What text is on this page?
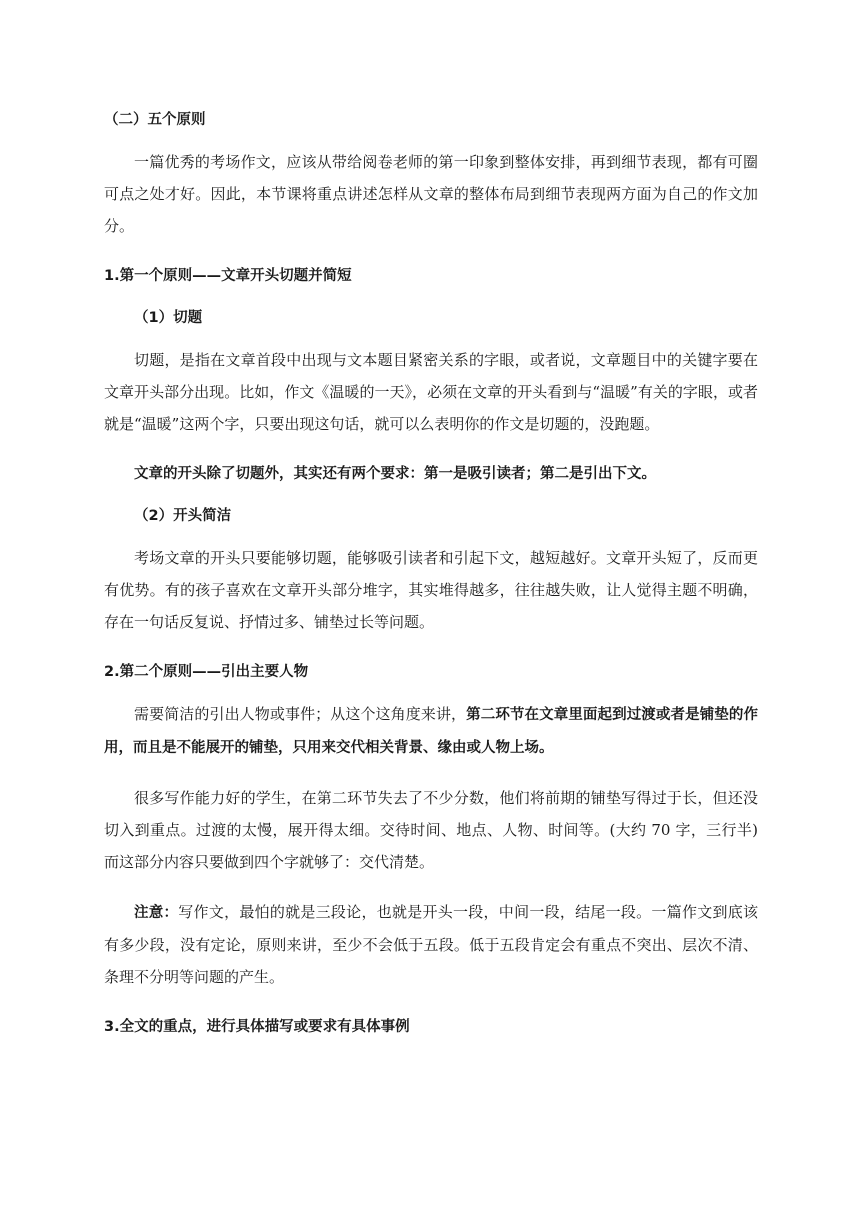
（二）五个原则

一篇优秀的考场作文，应该从带给阅卷老师的第一印象到整体安排，再到细节表现，都有可圈可点之处才好。因此，本节课将重点讲述怎样从文章的整体布局到细节表现两方面为自己的作文加分。

1.第一个原则——文章开头切题并简短

（1）切题

切题，是指在文章首段中出现与文本题目紧密关系的字眼，或者说，文章题目中的关键字要在文章开头部分出现。比如，作文《温暖的一天》，必须在文章的开头看到与“温暖”有关的字眼，或者就是“温暖”这两个字，只要出现这句话，就可以么表明你的作文是切题的，没跑题。

文章的开头除了切题外，其实还有两个要求：第一是吸引读者；第二是引出下文。

（2）开头简洁

考场文章的开头只要能够切题，能够吸引读者和引起下文，越短越好。文章开头短了，反而更有优势。有的孩子喜欢在文章开头部分堆字，其实堆得越多，往往越失败，让人觉得主题不明确，存在一句话反复说、抒情过多、铺垫过长等问题。

2.第二个原则——引出主要人物

需要简洁的引出人物或事件；从这个这角度来讲，第二环节在文章里面起到过渡或者是铺垫的作用，而且是不能展开的铺垫，只用来交代相关背景、缘由或人物上场。

很多写作能力好的学生，在第二环节失去了不少分数，他们将前期的铺垫写得过于长，但还没切入到重点。过渡的太慢，展开得太细。交待时间、地点、人物、时间等。(大约 70 字，三行半)而这部分内容只要做到四个字就够了：交代清楚。

注意：写作文，最怕的就是三段论，也就是开头一段，中间一段，结尾一段。一篇作文到底该有多少段，没有定论，原则来讲，至少不会低于五段。低于五段肯定会有重点不突出、层次不清、条理不分明等问题的产生。

3.全文的重点，进行具体描写或要求有具体事例
